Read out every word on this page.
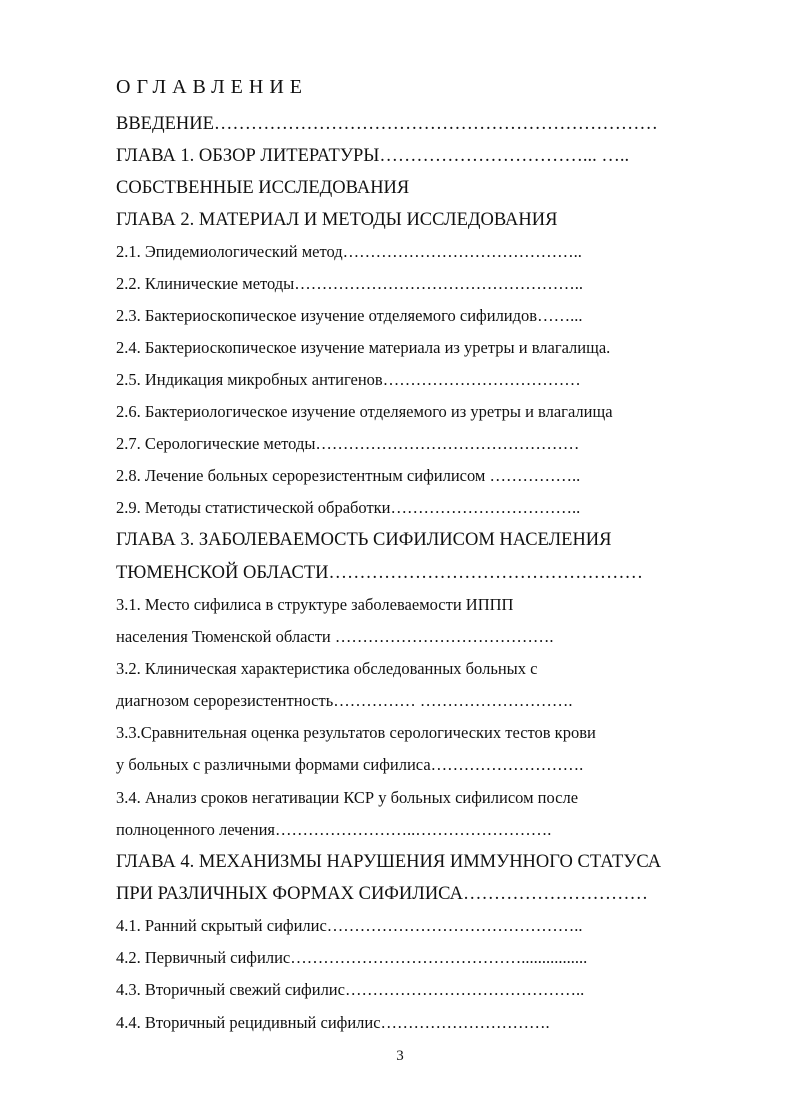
ОГЛАВЛЕНИЕ
ВВЕДЕНИЕ………………………………………………………………
ГЛАВА 1. ОБЗОР ЛИТЕРАТУРЫ……………………………... …..
СОБСТВЕННЫЕ ИССЛЕДОВАНИЯ
ГЛАВА 2. МАТЕРИАЛ И МЕТОДЫ ИССЛЕДОВАНИЯ
2.1. Эпидемиологический метод……………………………………..
2.2. Клинические методы……………………………………………..
2.3. Бактериоскопическое изучение отделяемого сифилидов……...
2.4. Бактериоскопическое изучение материала из уретры и влагалища.
2.5. Индикация микробных антигенов………………………………
2.6. Бактериологическое изучение отделяемого из уретры и влагалища
2.7. Серологические методы…………………………………………
2.8. Лечение больных серорезистентным сифилисом ……………..
2.9. Методы статистической обработки……………………………..
ГЛАВА 3. ЗАБОЛЕВАЕМОСТЬ СИФИЛИСОМ НАСЕЛЕНИЯ
ТЮМЕНСКОЙ ОБЛАСТИ……………………………………………
3.1. Место сифилиса в структуре заболеваемости ИППП
населения Тюменской области ………………………………….
3.2. Клиническая характеристика обследованных больных с
диагнозом серорезистентность…………… ……………………….
3.3.Сравнительная оценка результатов серологических тестов крови
у больных с различными формами сифилиса……………………….
3.4. Анализ сроков негативации КСР у больных сифилисом после
полноценного лечения……………………..…………………….
ГЛАВА 4. МЕХАНИЗМЫ НАРУШЕНИЯ ИММУННОГО СТАТУСА
ПРИ РАЗЛИЧНЫХ ФОРМАХ СИФИЛИСА…………………………
4.1. Ранний скрытый сифилис………………………………………..
4.2. Первичный сифилис……………………………………................
4.3. Вторичный свежий сифилис……………………………………..
4.4. Вторичный рецидивный сифилис………………………….
3
